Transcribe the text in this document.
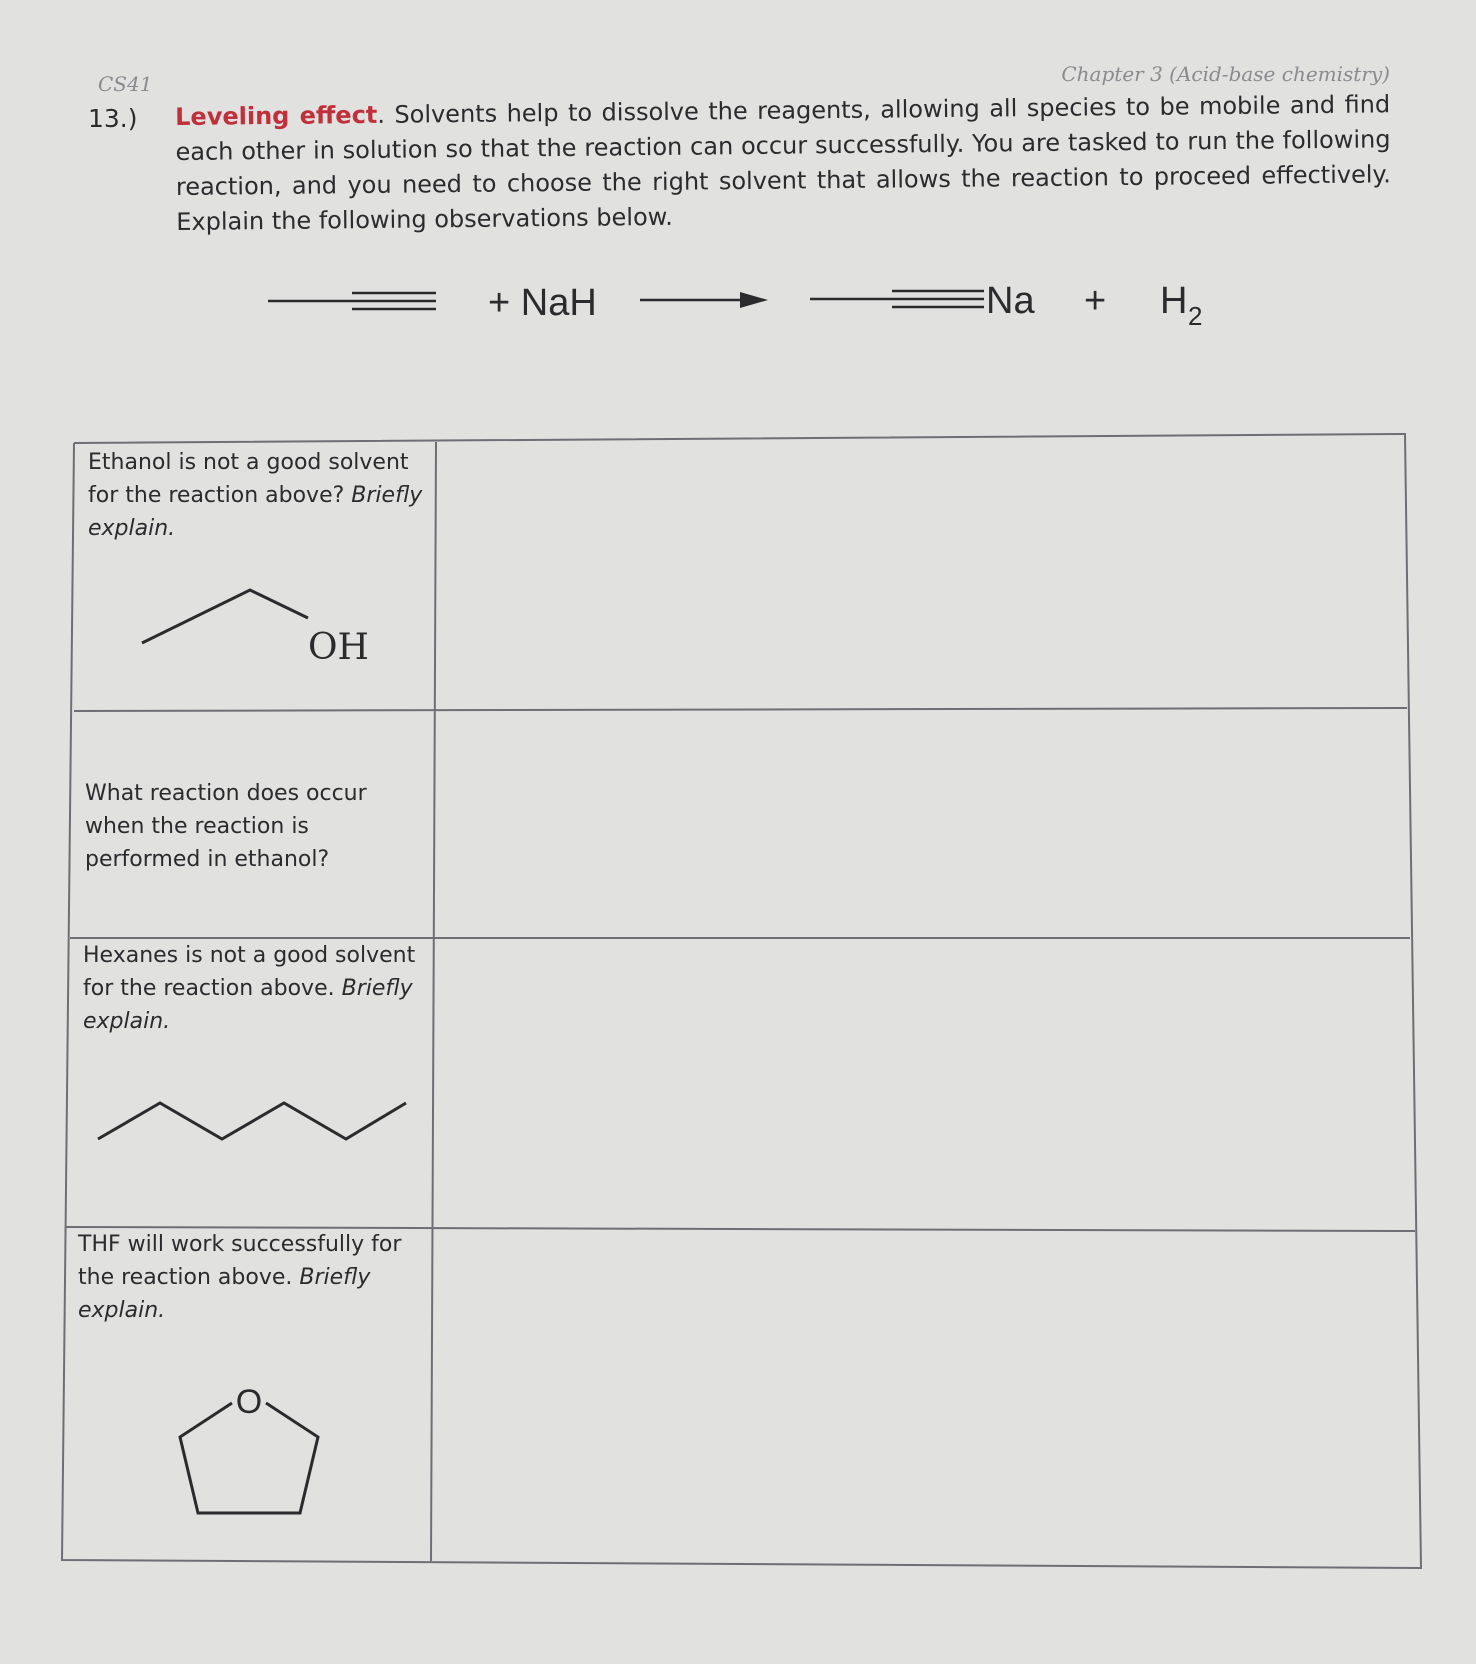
CS41	Chapter 3 (Acid-base chemistry)
13.) Leveling effect. Solvents help to dissolve the reagents, allowing all species to be mobile and find each other in solution so that the reaction can occur successfully. You are tasked to run the following reaction, and you need to choose the right solvent that allows the reaction to proceed effectively. Explain the following observations below.
+ NaH	Na + H 2
Ethanol is not a good solvent for the reaction above? Briefly explain.
OH
What reaction does occur when the reaction is performed in ethanol?
Hexanes is not a good solvent for the reaction above. Briefly explain.
THF will work successfully for the reaction above. Briefly explain.
O
